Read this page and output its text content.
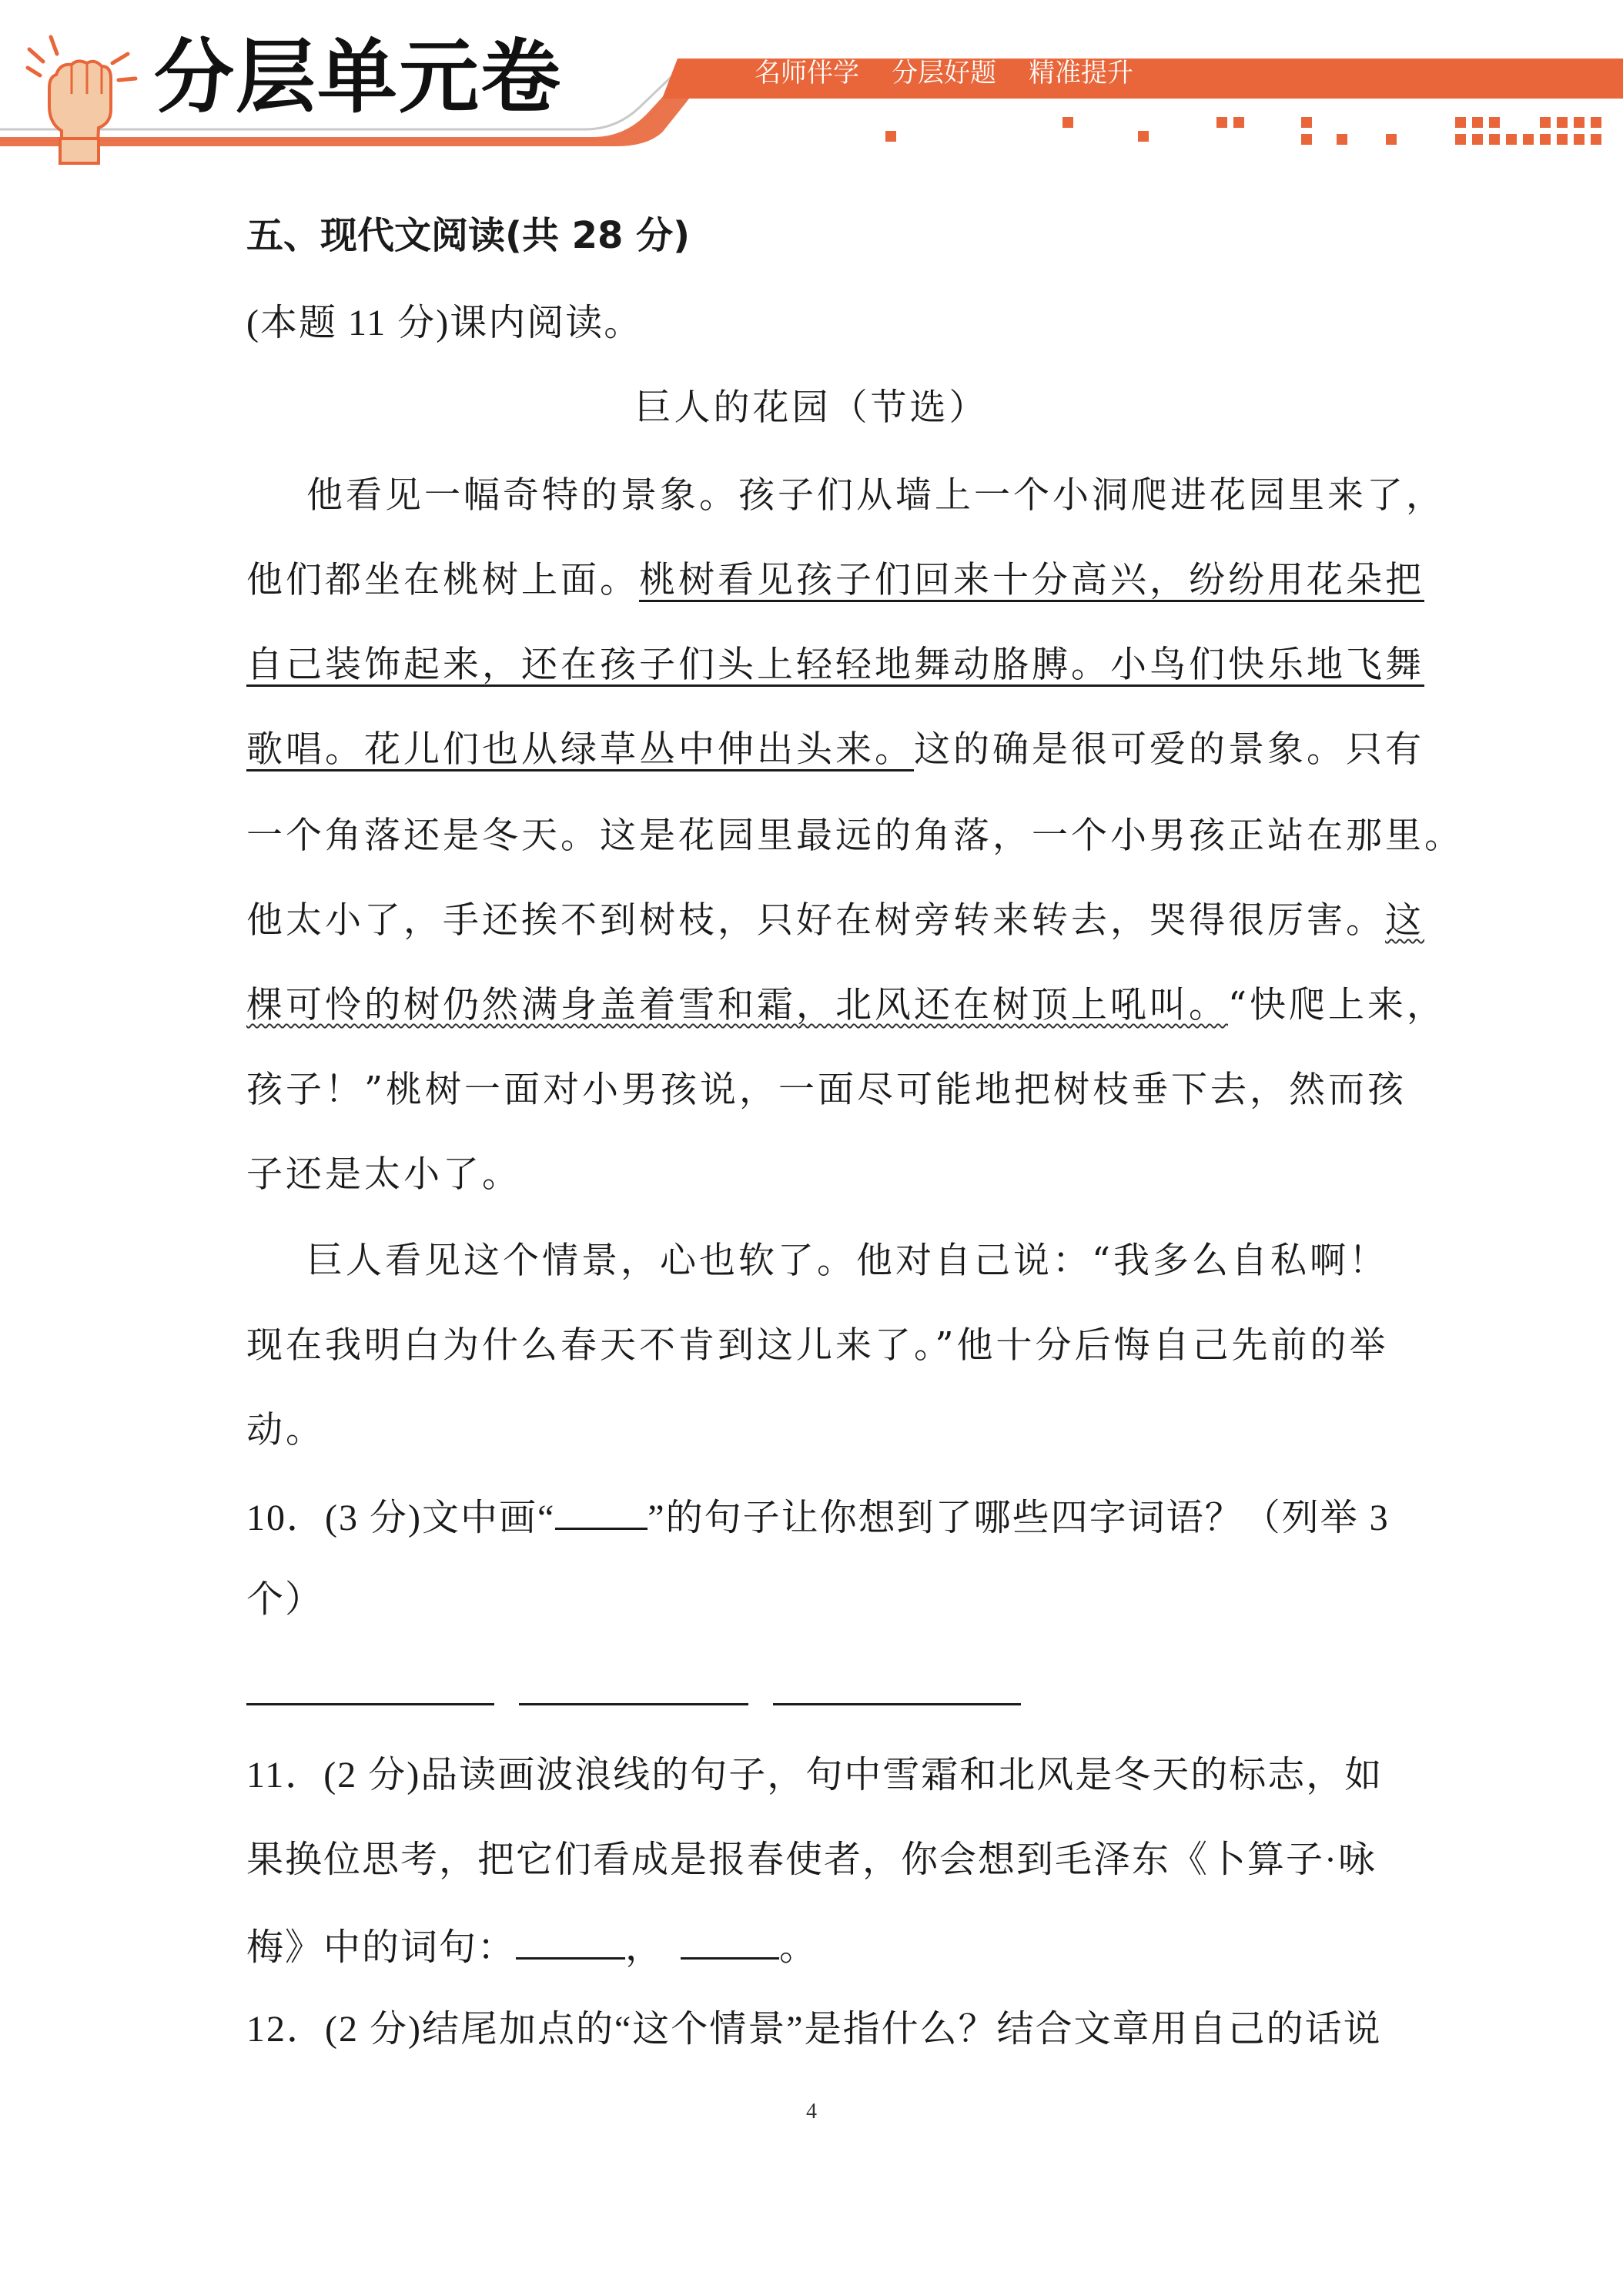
分层单元卷	名师伴学 分层好题 精准提升
五、现代文阅读(共 28 分)
(本题 11 分)课内阅读。
巨人的花园（节选）
他看见一幅奇特的景象。孩子们从墙上一个小洞爬进花园里来了，
他们都坐在桃树上面。桃树看见孩子们回来十分高兴，纷纷用花朵把
自己装饰起来，还在孩子们头上轻轻地舞动胳膊。小鸟们快乐地飞舞
歌唱。花儿们也从绿草丛中伸出头来。这的确是很可爱的景象。只有
一个角落还是冬天。这是花园里最远的角落，一个小男孩正站在那里。
他太小了，手还挨不到树枝，只好在树旁转来转去，哭得很厉害。这
棵可怜的树仍然满身盖着雪和霜，北风还在树顶上吼叫。“快爬上来，
孩子！”桃树一面对小男孩说，一面尽可能地把树枝垂下去，然而孩
子还是太小了。
巨人看见这个情景，心也软了。他对自己说：“我多么自私啊！
现在我明白为什么春天不肯到这儿来了。”他十分后悔自己先前的举
动。
10．(3 分)文中画“	”的句子让你想到了哪些四字词语？（列举 3
个）
11．(2 分)品读画波浪线的句子，句中雪霜和北风是冬天的标志，如
果换位思考，把它们看成是报春使者，你会想到毛泽东《卜算子·咏
梅》中的词句：	，	。
12．(2 分)结尾加点的“这个情景”是指什么？结合文章用自己的话说
4
